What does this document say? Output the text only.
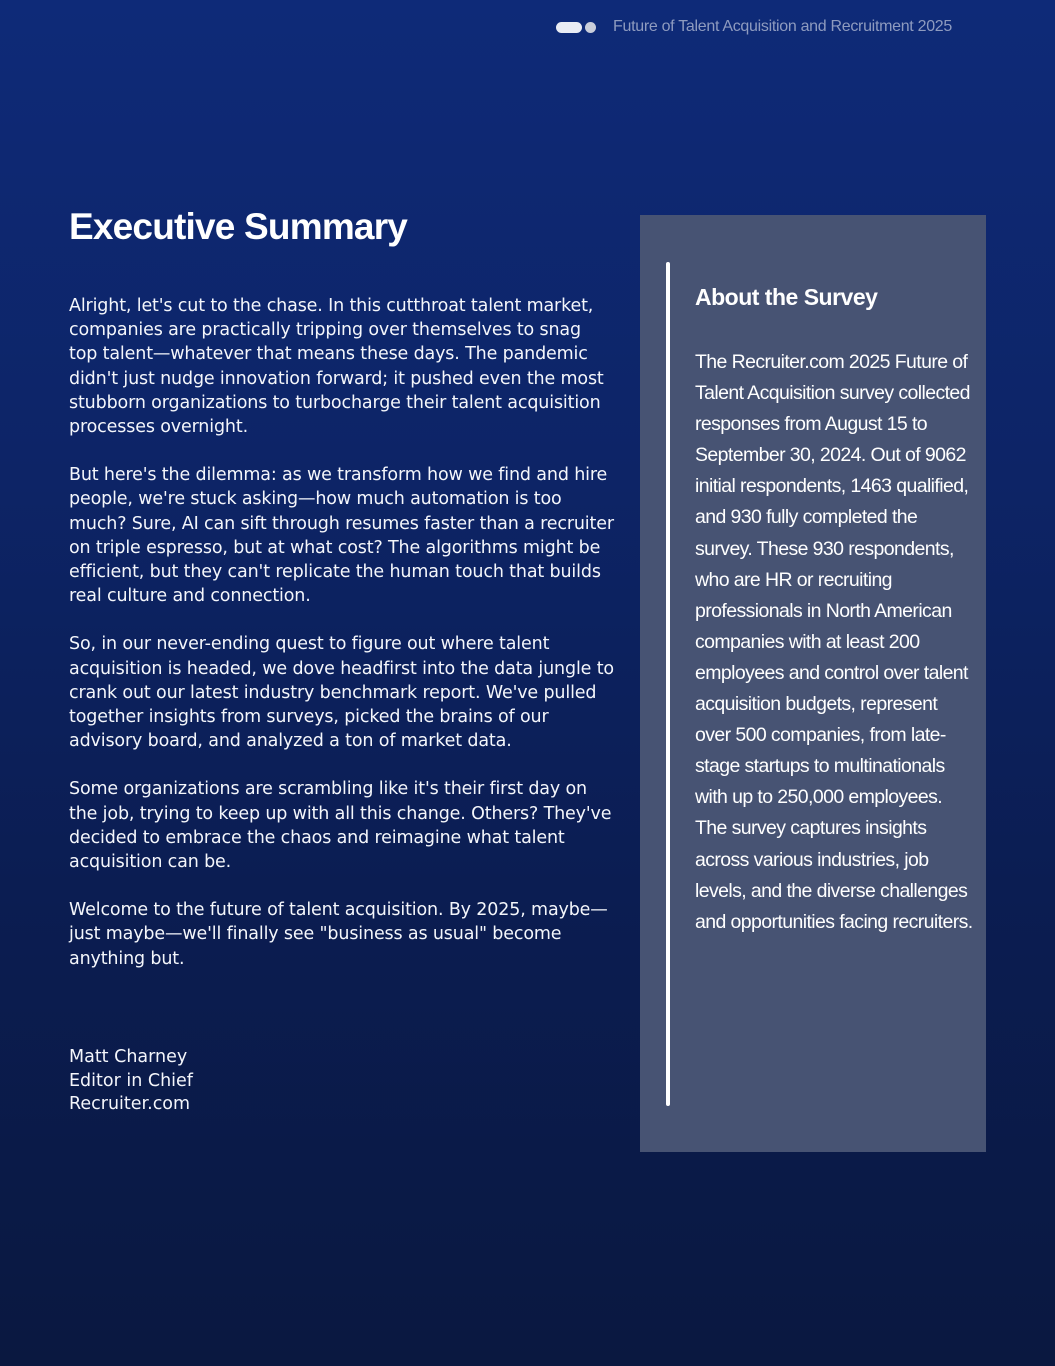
Future of Talent Acquisition and Recruitment 2025
Executive Summary

Alright, let's cut to the chase. In this cutthroat talent market, companies are practically tripping over themselves to snag top talent—whatever that means these days. The pandemic didn't just nudge innovation forward; it pushed even the most stubborn organizations to turbocharge their talent acquisition processes overnight.

But here's the dilemma: as we transform how we find and hire people, we're stuck asking—how much automation is too much? Sure, AI can sift through resumes faster than a recruiter on triple espresso, but at what cost? The algorithms might be efficient, but they can't replicate the human touch that builds real culture and connection.

So, in our never-ending quest to figure out where talent acquisition is headed, we dove headfirst into the data jungle to crank out our latest industry benchmark report. We've pulled together insights from surveys, picked the brains of our advisory board, and analyzed a ton of market data.

Some organizations are scrambling like it's their first day on the job, trying to keep up with all this change. Others? They've decided to embrace the chaos and reimagine what talent acquisition can be.

Welcome to the future of talent acquisition. By 2025, maybe—just maybe—we'll finally see "business as usual" become anything but.

Matt Charney
Editor in Chief
Recruiter.com
About the Survey

The Recruiter.com 2025 Future of Talent Acquisition survey collected responses from August 15 to September 30, 2024. Out of 9062 initial respondents, 1463 qualified, and 930 fully completed the survey. These 930 respondents, who are HR or recruiting professionals in North American companies with at least 200 employees and control over talent acquisition budgets, represent over 500 companies, from late-stage startups to multinationals with up to 250,000 employees. The survey captures insights across various industries, job levels, and the diverse challenges and opportunities facing recruiters.
